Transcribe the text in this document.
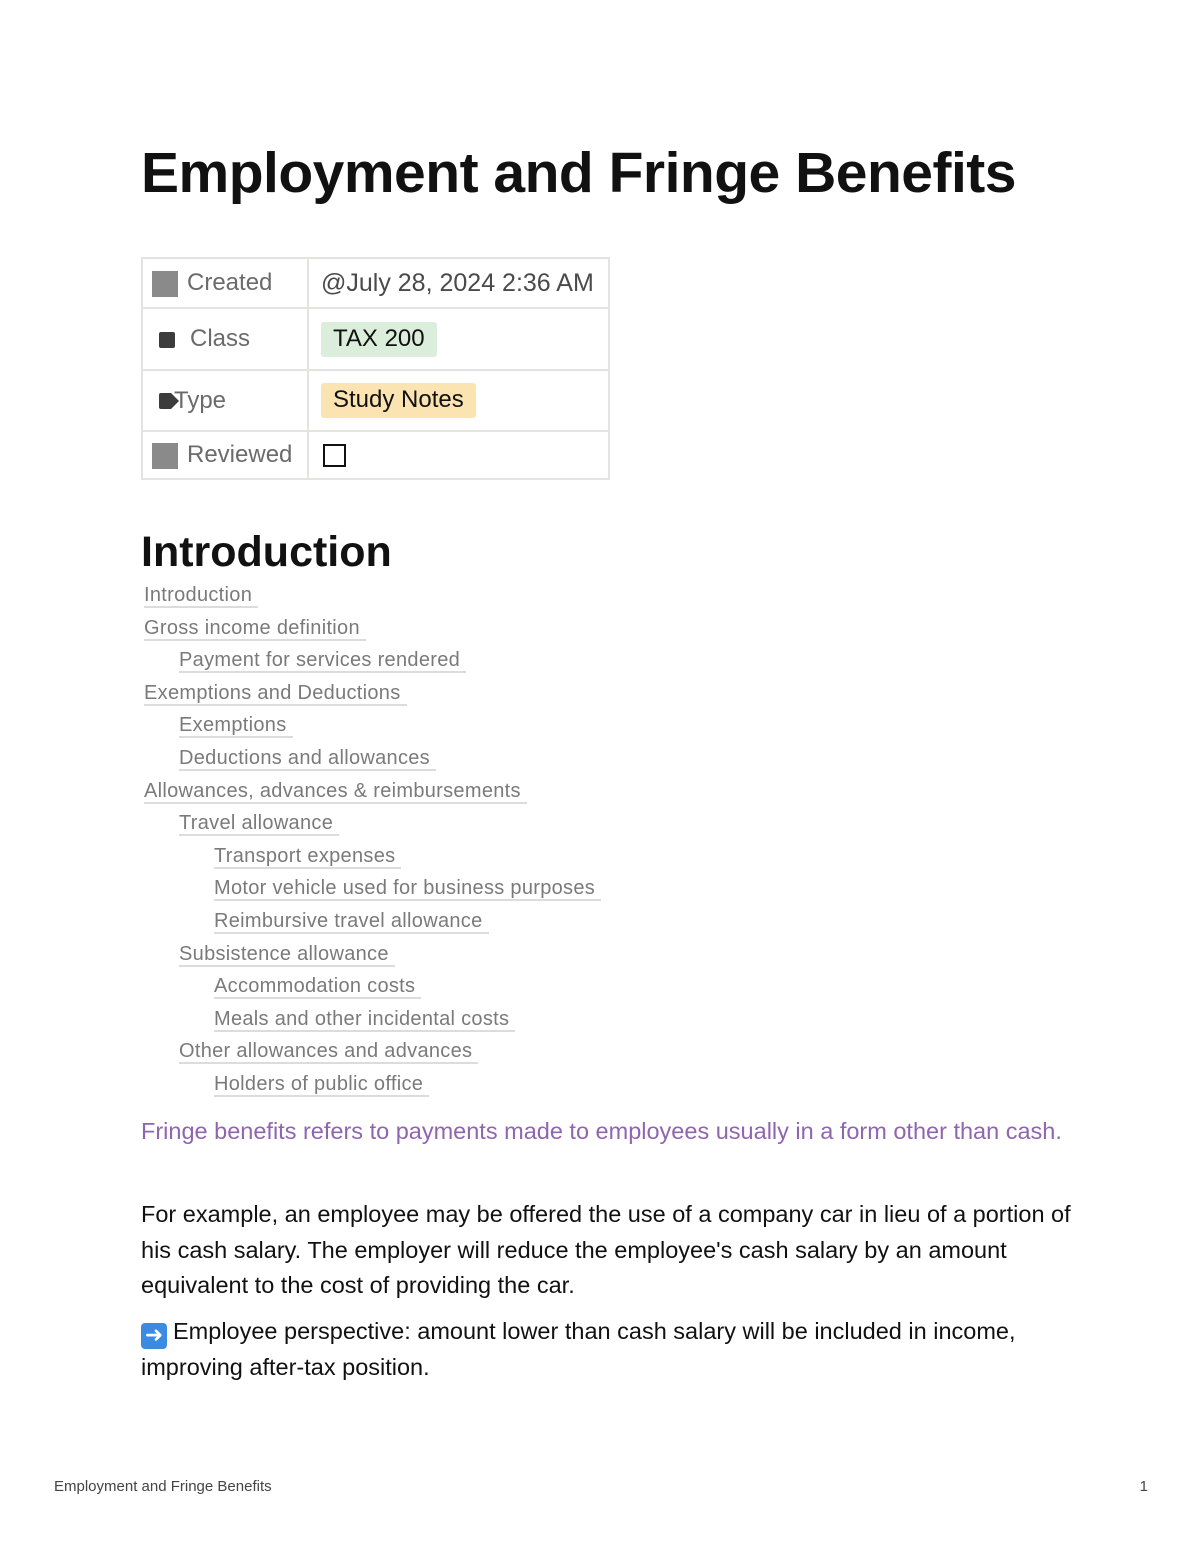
Employment and Fringe Benefits
Created	@July 28, 2024 2:36 AM
Class	TAX 200
Type	Study Notes
Reviewed	
Introduction
Introduction
Gross income definition
Payment for services rendered
Exemptions and Deductions
Exemptions
Deductions and allowances
Allowances, advances & reimbursements
Travel allowance
Transport expenses
Motor vehicle used for business purposes
Reimbursive travel allowance
Subsistence allowance
Accommodation costs
Meals and other incidental costs
Other allowances and advances
Holders of public office

Fringe benefits refers to payments made to employees usually in a form other than cash.

For example, an employee may be offered the use of a company car in lieu of a portion of his cash salary. The employer will reduce the employee's cash salary by an amount equivalent to the cost of providing the car.

➜ Employee perspective: amount lower than cash salary will be included in income, improving after-tax position.

Employment and Fringe Benefits	1
